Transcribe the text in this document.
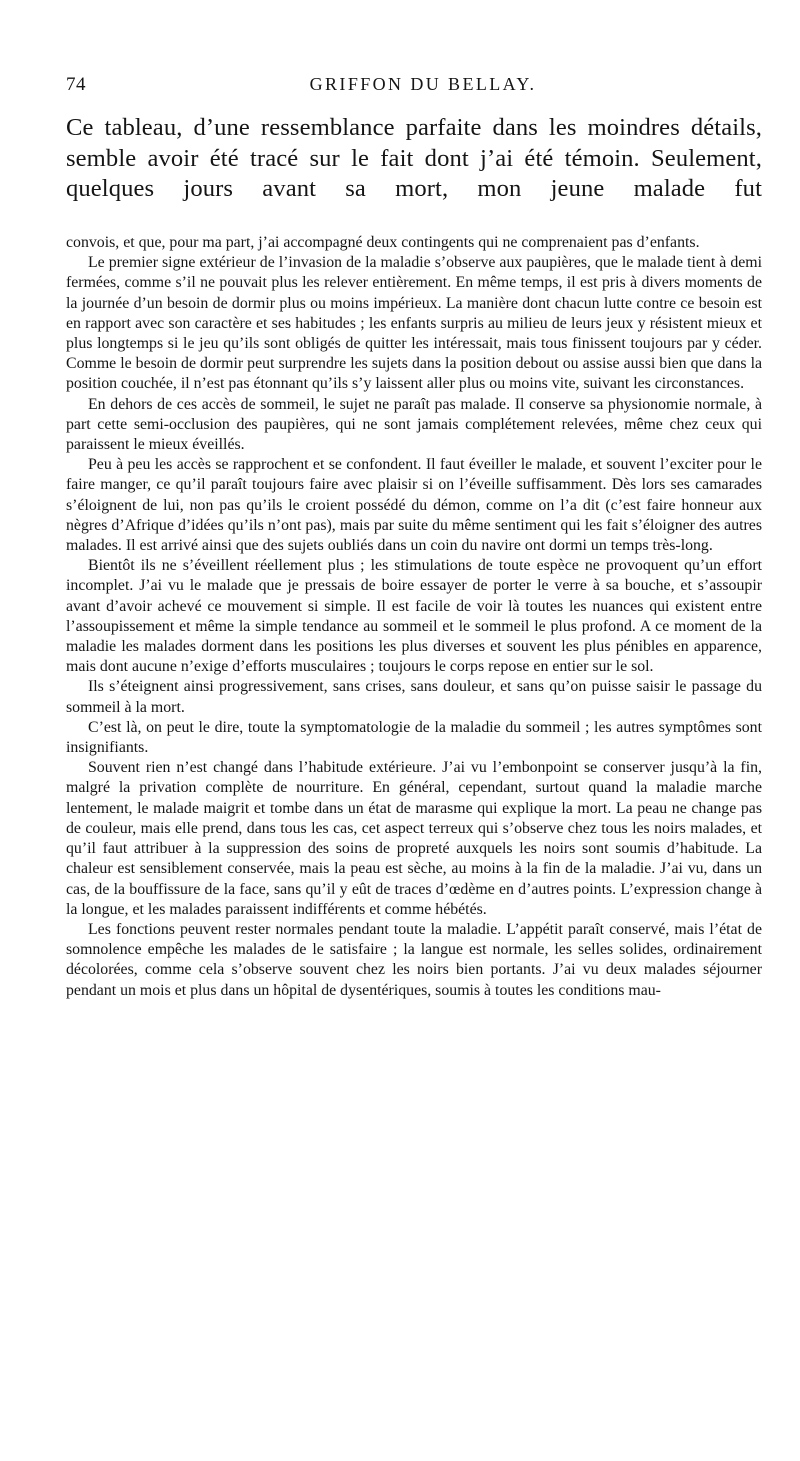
74	GRIFFON DU BELLAY.

Ce tableau, d’une ressemblance parfaite dans les moindres détails, semble avoir été tracé sur le fait dont j’ai été témoin. Seulement, quelques jours avant sa mort, mon jeune malade fut

convois, et que, pour ma part, j’ai accompagné deux contingents qui ne comprenaient pas d’enfants.

Le premier signe extérieur de l’invasion de la maladie s’observe aux paupières, que le malade tient à demi fermées, comme s’il ne pouvait plus les relever entièrement. En même temps, il est pris à divers moments de la journée d’un besoin de dormir plus ou moins impérieux. La manière dont chacun lutte contre ce besoin est en rapport avec son caractère et ses habitudes ; les enfants surpris au milieu de leurs jeux y résistent mieux et plus longtemps si le jeu qu’ils sont obligés de quitter les intéressait, mais tous finissent toujours par y céder. Comme le besoin de dormir peut surprendre les sujets dans la position debout ou assise aussi bien que dans la position couchée, il n’est pas étonnant qu’ils s’y laissent aller plus ou moins vite, suivant les circonstances.

En dehors de ces accès de sommeil, le sujet ne paraît pas malade. Il conserve sa physionomie normale, à part cette semi-occlusion des paupières, qui ne sont jamais complétement relevées, même chez ceux qui paraissent le mieux éveillés.

Peu à peu les accès se rapprochent et se confondent. Il faut éveiller le malade, et souvent l’exciter pour le faire manger, ce qu’il paraît toujours faire avec plaisir si on l’éveille suffisamment. Dès lors ses camarades s’éloignent de lui, non pas qu’ils le croient possédé du démon, comme on l’a dit (c’est faire honneur aux nègres d’Afrique d’idées qu’ils n’ont pas), mais par suite du même sentiment qui les fait s’éloigner des autres malades. Il est arrivé ainsi que des sujets oubliés dans un coin du navire ont dormi un temps très-long.

Bientôt ils ne s’éveillent réellement plus ; les stimulations de toute espèce ne provoquent qu’un effort incomplet. J’ai vu le malade que je pressais de boire essayer de porter le verre à sa bouche, et s’assoupir avant d’avoir achevé ce mouvement si simple. Il est facile de voir là toutes les nuances qui existent entre l’assoupissement et même la simple tendance au sommeil et le sommeil le plus profond. A ce moment de la maladie les malades dorment dans les positions les plus diverses et souvent les plus pénibles en apparence, mais dont aucune n’exige d’efforts musculaires ; toujours le corps repose en entier sur le sol.

Ils s’éteignent ainsi progressivement, sans crises, sans douleur, et sans qu’on puisse saisir le passage du sommeil à la mort.

C’est là, on peut le dire, toute la symptomatologie de la maladie du sommeil ; les autres symptômes sont insignifiants.

Souvent rien n’est changé dans l’habitude extérieure. J’ai vu l’embonpoint se conserver jusqu’à la fin, malgré la privation complète de nourriture. En général, cependant, surtout quand la maladie marche lentement, le malade maigrit et tombe dans un état de marasme qui explique la mort. La peau ne change pas de couleur, mais elle prend, dans tous les cas, cet aspect terreux qui s’observe chez tous les noirs malades, et qu’il faut attribuer à la suppression des soins de propreté auxquels les noirs sont soumis d’habitude. La chaleur est sensiblement conservée, mais la peau est sèche, au moins à la fin de la maladie. J’ai vu, dans un cas, de la bouffissure de la face, sans qu’il y eût de traces d’œdème en d’autres points. L’expression change à la longue, et les malades paraissent indifférents et comme hébétés.

Les fonctions peuvent rester normales pendant toute la maladie. L’appétit paraît conservé, mais l’état de somnolence empêche les malades de le satisfaire ; la langue est normale, les selles solides, ordinairement décolorées, comme cela s’observe souvent chez les noirs bien portants. J’ai vu deux malades séjourner pendant un mois et plus dans un hôpital de dysentériques, soumis à toutes les conditions mau-
